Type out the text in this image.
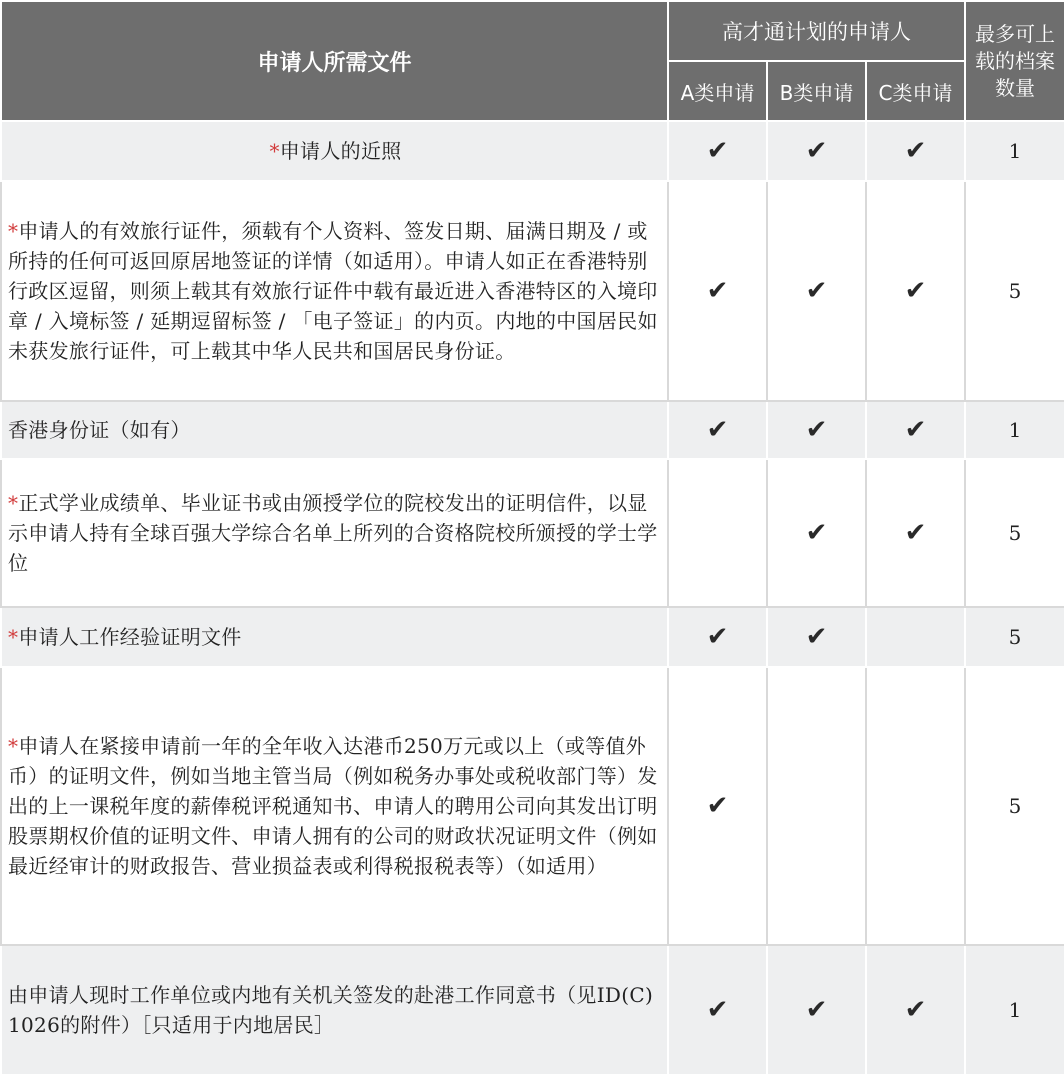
申请人所需文件	高才通计划的申请人			最多可上载的档案数量
	A类申请	B类申请	C类申请	
*申请人的近照	✔	✔	✔	1
*申请人的有效旅行证件，须载有个人资料、签发日期、届满日期及 / 或所持的任何可返回原居地签证的详情（如适用）。申请人如正在香港特别行政区逗留，则须上载其有效旅行证件中载有最近进入香港特区的入境印章 / 入境标签 / 延期逗留标签 / 「电子签证」的内页。内地的中国居民如未获发旅行证件，可上载其中华人民共和国居民身份证。	✔	✔	✔	5
香港身份证（如有）	✔	✔	✔	1
*正式学业成绩单、毕业证书或由颁授学位的院校发出的证明信件，以显示申请人持有全球百强大学综合名单上所列的合资格院校所颁授的学士学位		✔	✔	5
*申请人工作经验证明文件	✔	✔		5
*申请人在紧接申请前一年的全年收入达港币250万元或以上（或等值外币）的证明文件，例如当地主管当局（例如税务办事处或税收部门等）发出的上一课税年度的薪俸税评税通知书、申请人的聘用公司向其发出订明股票期权价值的证明文件、申请人拥有的公司的财政状况证明文件（例如最近经审计的财政报告、营业损益表或利得税报税表等）（如适用）	✔			5
由申请人现时工作单位或内地有关机关签发的赴港工作同意书（见ID(C) 1026的附件）［只适用于内地居民］	✔	✔	✔	1
